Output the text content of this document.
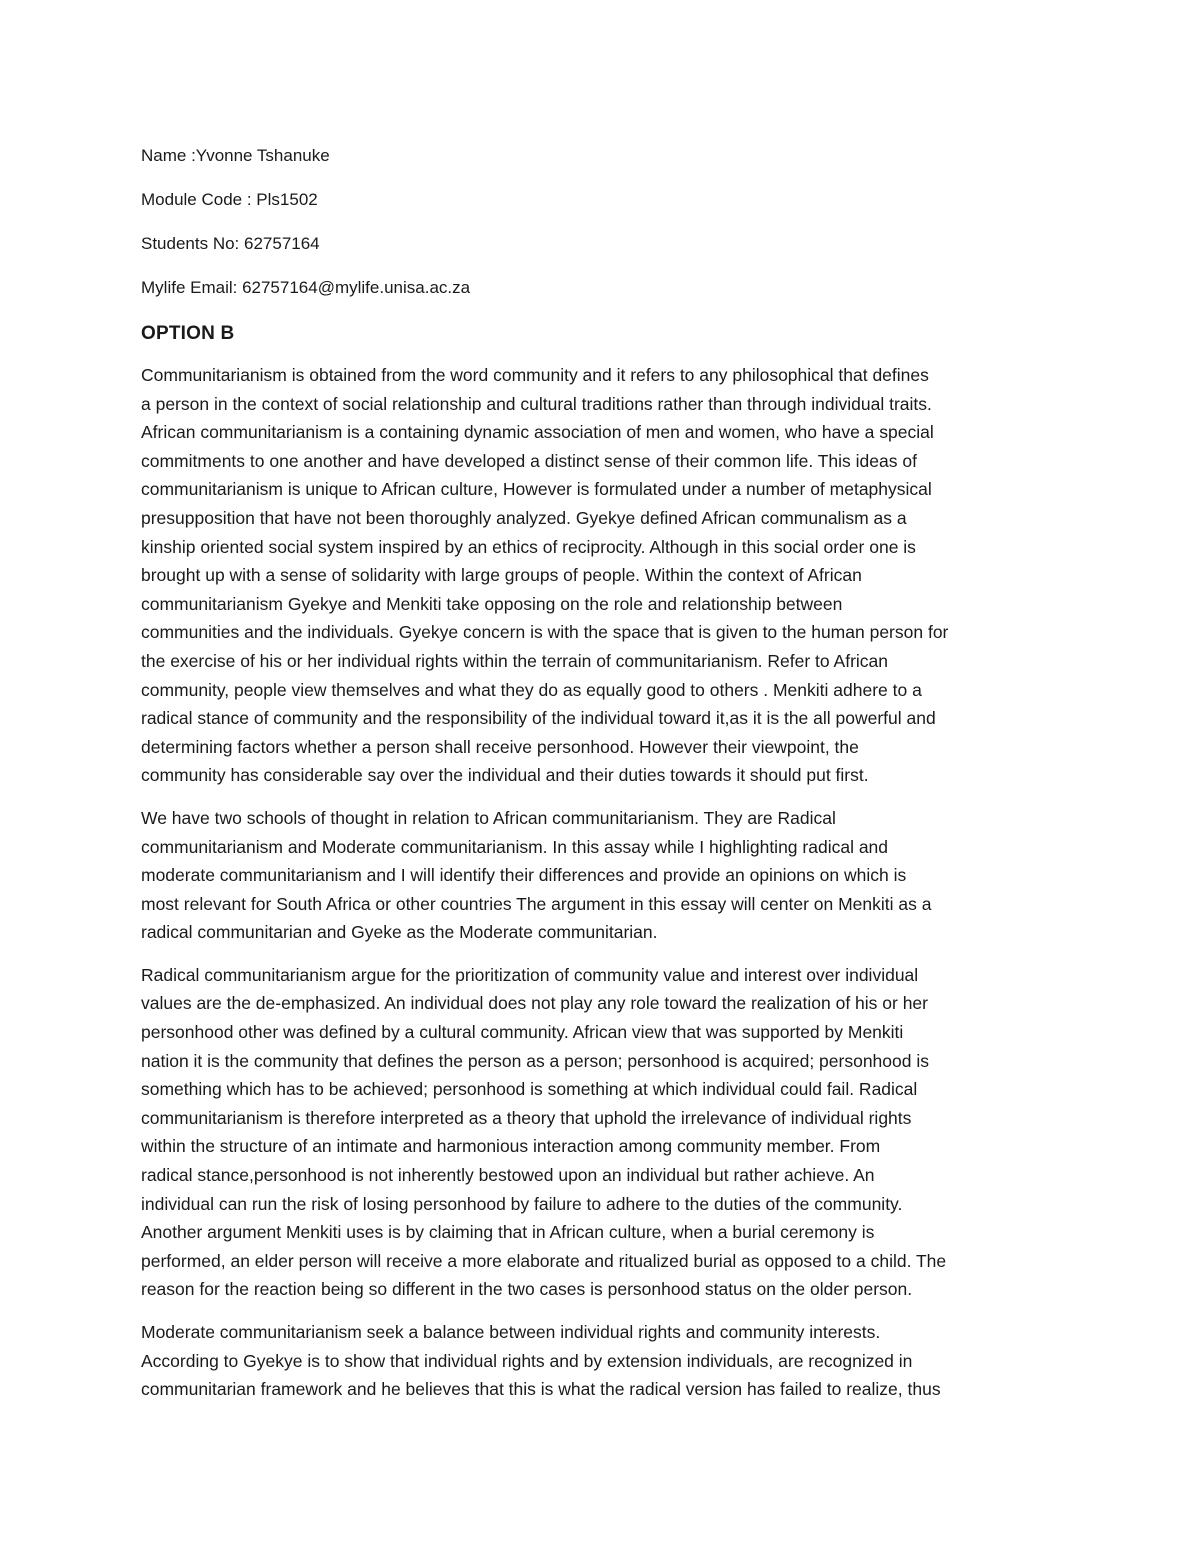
Name :Yvonne Tshanuke
Module Code : Pls1502
Students No: 62757164
Mylife Email: 62757164@mylife.unisa.ac.za
OPTION B
Communitarianism is obtained from the word community and it refers to any philosophical that defines
a person in the context of social relationship and cultural traditions rather than through individual traits.
African communitarianism is a containing dynamic association of men and women, who have a special
commitments to one another and have developed a distinct sense of their common life. This ideas of
communitarianism is unique to African culture, However is formulated under a number of metaphysical
presupposition that have not been thoroughly analyzed. Gyekye defined African communalism as a
kinship oriented social system inspired by an ethics of reciprocity. Although in this social order one is
brought up with a sense of solidarity with large groups of people. Within the context of African
communitarianism Gyekye and Menkiti take opposing on the role and relationship between
communities and the individuals. Gyekye concern is with the space that is given to the human person for
the exercise of his or her individual rights within the terrain of communitarianism. Refer to African
community, people view themselves and what they do as equally good to others . Menkiti adhere to a
radical stance of community and the responsibility of the individual toward it,as it is the all powerful and
determining factors whether a person shall receive personhood. However their viewpoint, the
community has considerable say over the individual and their duties towards it should put first.
We have two schools of thought in relation to African communitarianism. They are Radical
communitarianism and Moderate communitarianism. In this assay while I highlighting radical and
moderate communitarianism and I will identify their differences and provide an opinions on which is
most relevant for South Africa or other countries The argument in this essay will center on Menkiti as a
radical communitarian and Gyeke as the Moderate communitarian.
Radical communitarianism argue for the prioritization of community value and interest over individual
values are the de-emphasized. An individual does not play any role toward the realization of his or her
personhood other was defined by a cultural community. African view that was supported by Menkiti
nation it is the community that defines the person as a person; personhood is acquired; personhood is
something which has to be achieved; personhood is something at which individual could fail. Radical
communitarianism is therefore interpreted as a theory that uphold the irrelevance of individual rights
within the structure of an intimate and harmonious interaction among community member. From
radical stance,personhood is not inherently bestowed upon an individual but rather achieve. An
individual can run the risk of losing personhood by failure to adhere to the duties of the community.
Another argument Menkiti uses is by claiming that in African culture, when a burial ceremony is
performed, an elder person will receive a more elaborate and ritualized burial as opposed to a child. The
reason for the reaction being so different in the two cases is personhood status on the older person.
Moderate communitarianism seek a balance between individual rights and community interests.
According to Gyekye is to show that individual rights and by extension individuals, are recognized in
communitarian framework and he believes that this is what the radical version has failed to realize, thus
